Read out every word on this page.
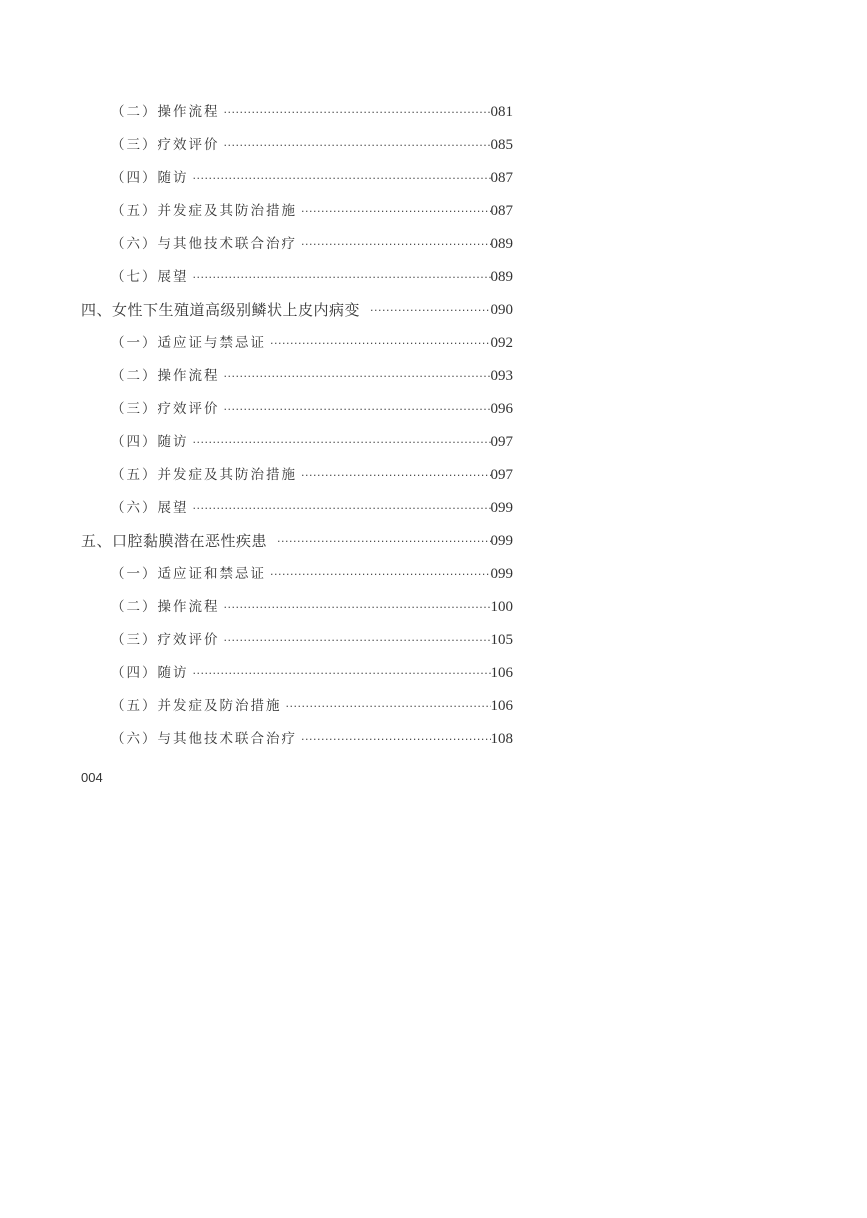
（二）操作流程 ·····	081
（三）疗效评价 ·····	085
（四）随访 ·····	087
（五）并发症及其防治措施 ·····	087
（六）与其他技术联合治疗 ·····	089
（七）展望 ·····	089
四、女性下生殖道高级别鳞状上皮内病变 ·····	090
（一）适应证与禁忌证 ·····	092
（二）操作流程 ·····	093
（三）疗效评价 ·····	096
（四）随访 ·····	097
（五）并发症及其防治措施 ·····	097
（六）展望 ·····	099
五、口腔黏膜潜在恶性疾患 ·····	099
（一）适应证和禁忌证 ·····	099
（二）操作流程 ·····	100
（三）疗效评价 ·····	105
（四）随访 ·····	106
（五）并发症及防治措施 ·····	106
（六）与其他技术联合治疗 ·····	108
004
